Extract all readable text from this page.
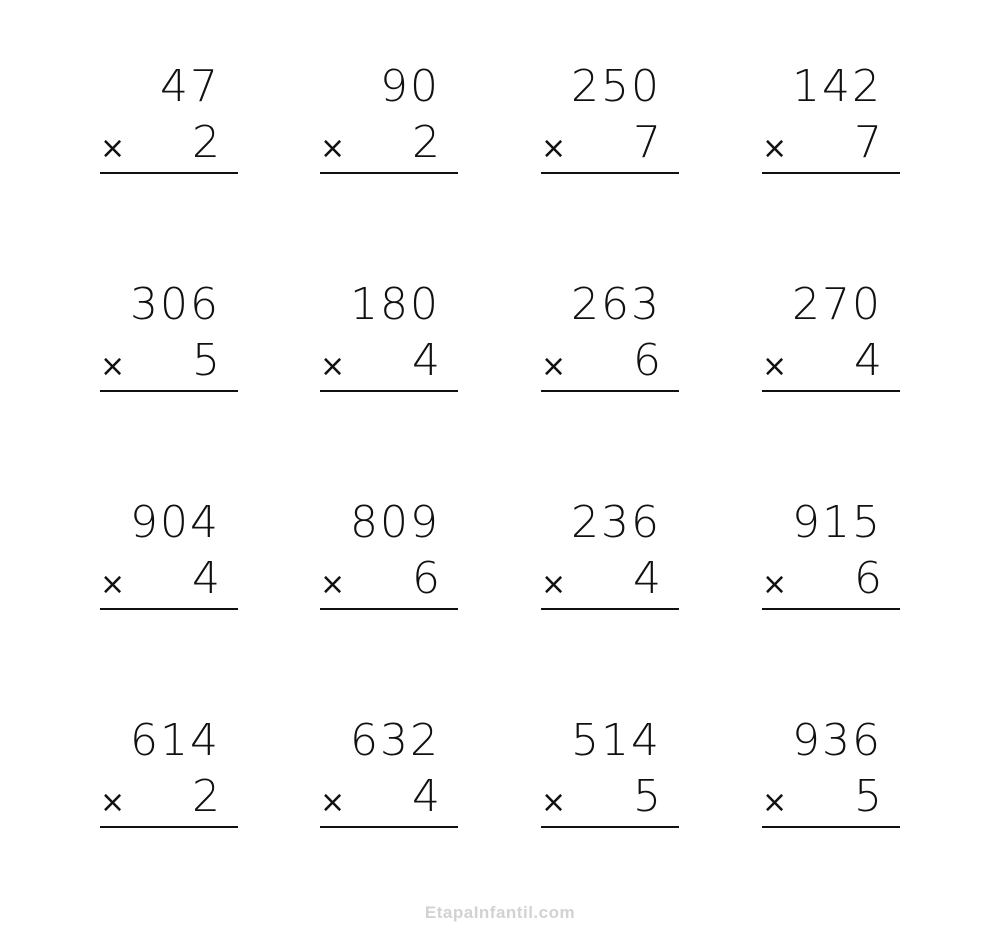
47
× 2
90
× 2
250
× 7
142
× 7
306
× 5
180
× 4
263
× 6
270
× 4
904
× 4
809
× 6
236
× 4
915
× 6
614
× 2
632
× 4
514
× 5
936
× 5
EtapaInfantil.com
